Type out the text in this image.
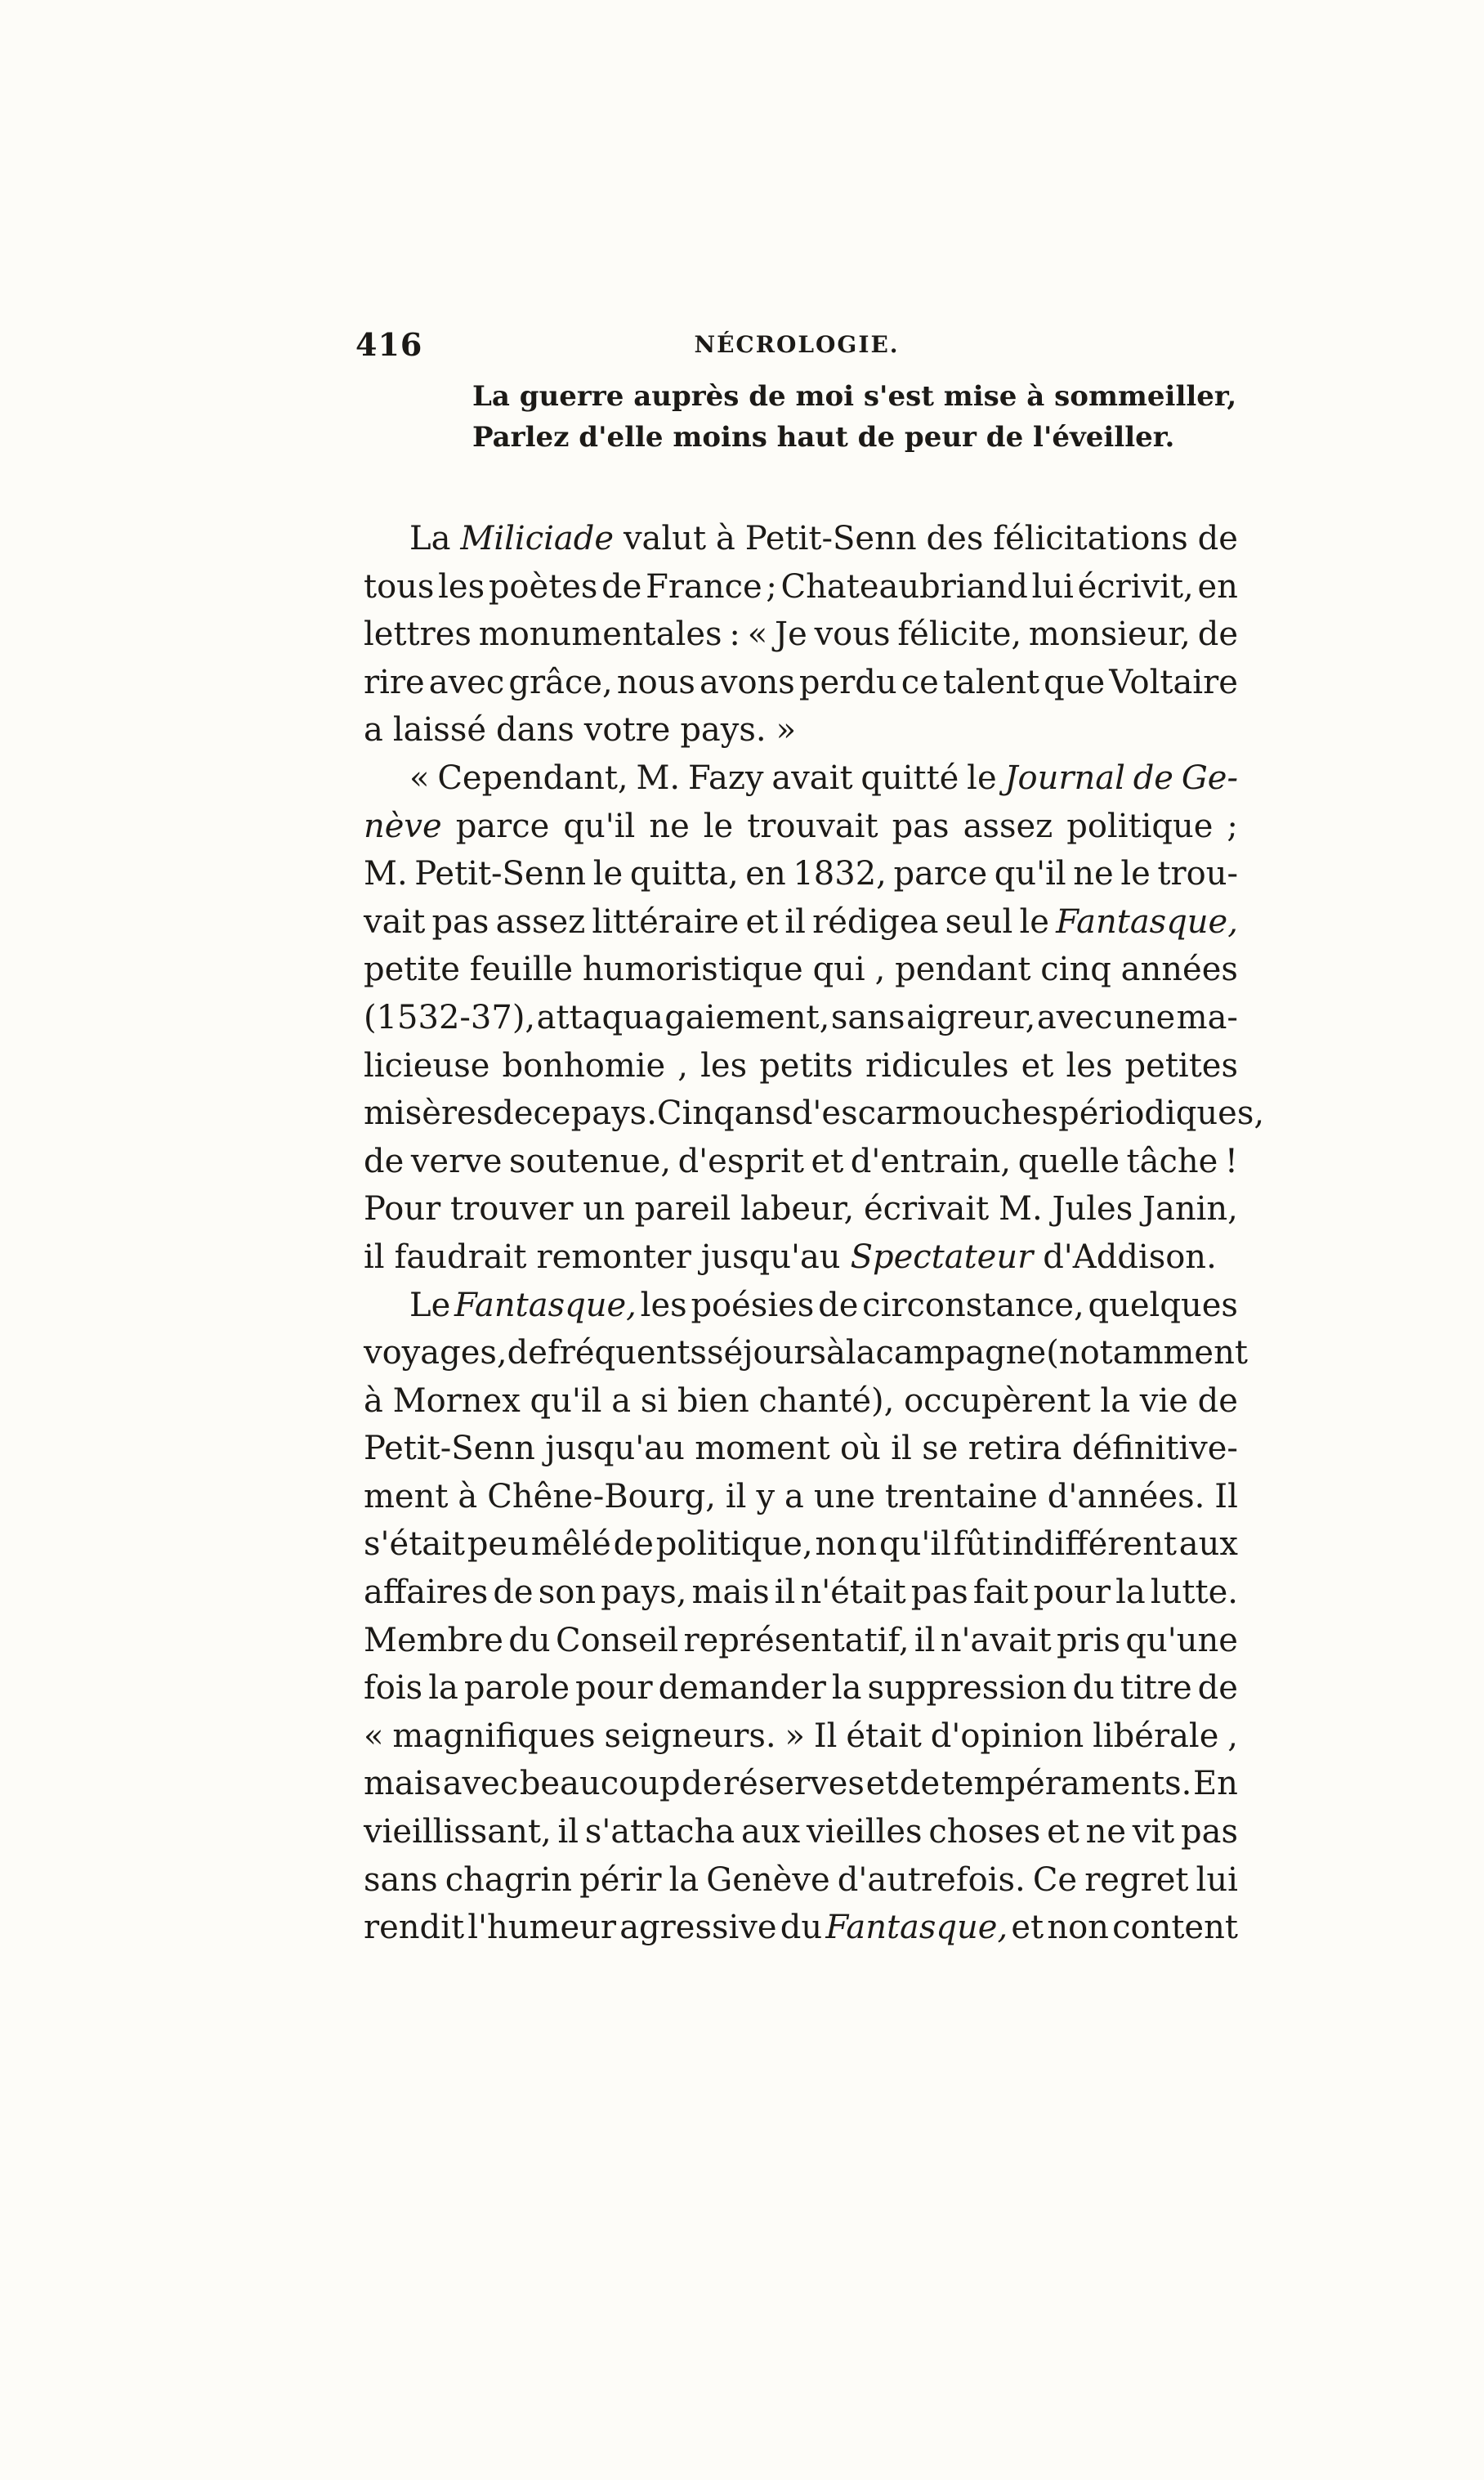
416	NÉCROLOGIE.
La guerre auprès de moi s'est mise à sommeiller,
Parlez d'elle moins haut de peur de l'éveiller.
La Miliciade valut à Petit-Senn des félicitations de
tous les poètes de France ; Chateaubriand lui écrivit, en
lettres monumentales : « Je vous félicite, monsieur, de
rire avec grâce, nous avons perdu ce talent que Voltaire
a laissé dans votre pays. »
« Cependant, M. Fazy avait quitté le Journal de Ge-
nève parce qu'il ne le trouvait pas assez politique ;
M. Petit-Senn le quitta, en 1832, parce qu'il ne le trou-
vait pas assez littéraire et il rédigea seul le Fantasque,
petite feuille humoristique qui , pendant cinq années
(1532-37), attaqua gaiement, sans aigreur, avec une ma-
licieuse bonhomie , les petits ridicules et les petites
misères de ce pays. Cinq ans d'escarmouches périodiques,
de verve soutenue, d'esprit et d'entrain, quelle tâche !
Pour trouver un pareil labeur, écrivait M. Jules Janin,
il faudrait remonter jusqu'au Spectateur d'Addison.
Le Fantasque, les poésies de circonstance, quelques
voyages, de fréquents séjours à la campagne (notamment
à Mornex qu'il a si bien chanté), occupèrent la vie de
Petit-Senn jusqu'au moment où il se retira définitive-
ment à Chêne-Bourg, il y a une trentaine d'années. Il
s'était peu mêlé de politique, non qu'il fût indifférent aux
affaires de son pays, mais il n'était pas fait pour la lutte.
Membre du Conseil représentatif, il n'avait pris qu'une
fois la parole pour demander la suppression du titre de
« magnifiques seigneurs. » Il était d'opinion libérale ,
mais avec beaucoup de réserves et de tempéraments. En
vieillissant, il s'attacha aux vieilles choses et ne vit pas
sans chagrin périr la Genève d'autrefois. Ce regret lui
rendit l'humeur agressive du Fantasque, et non content
